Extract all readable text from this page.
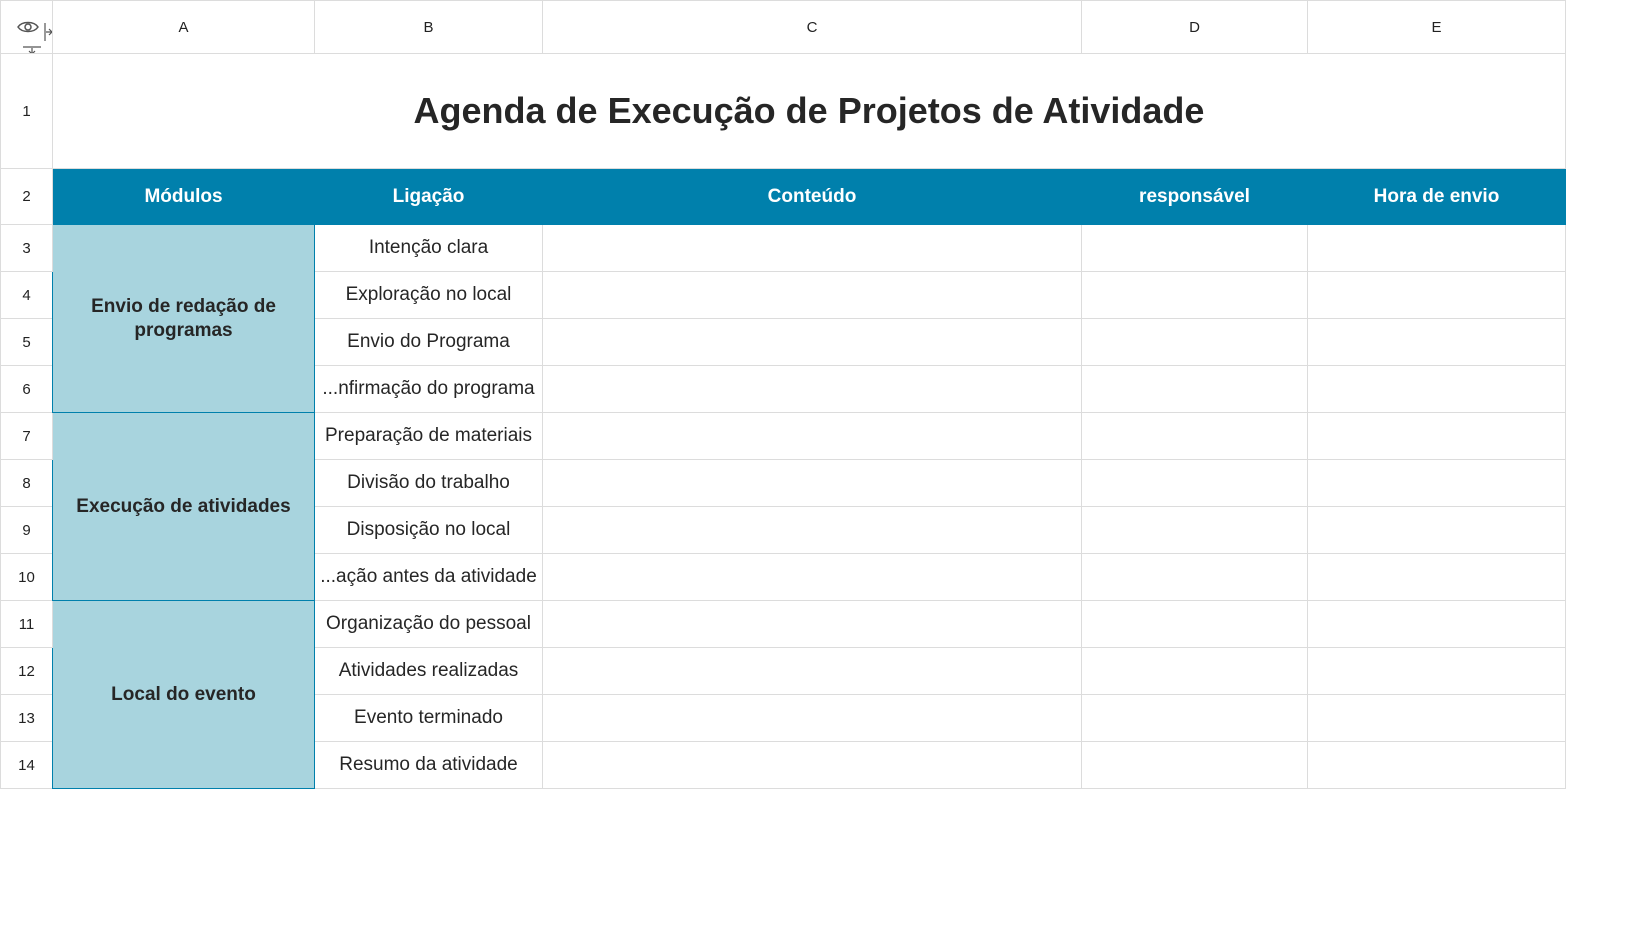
	A	B	C	D	E
1	Agenda de Execução de Projetos de Atividade				
2	Módulos	Ligação	Conteúdo	responsável	Hora de envio
3	Envio de redação de programas	Intenção clara			
4		Exploração no local			
5		Envio do Programa			
6		...nfirmação do programa			
7	Execução de atividades	Preparação de materiais			
8		Divisão do trabalho			
9		Disposição no local			
10		...ação antes da atividade			
11	Local do evento	Organização do pessoal			
12		Atividades realizadas			
13		Evento terminado			
14		Resumo da atividade			
